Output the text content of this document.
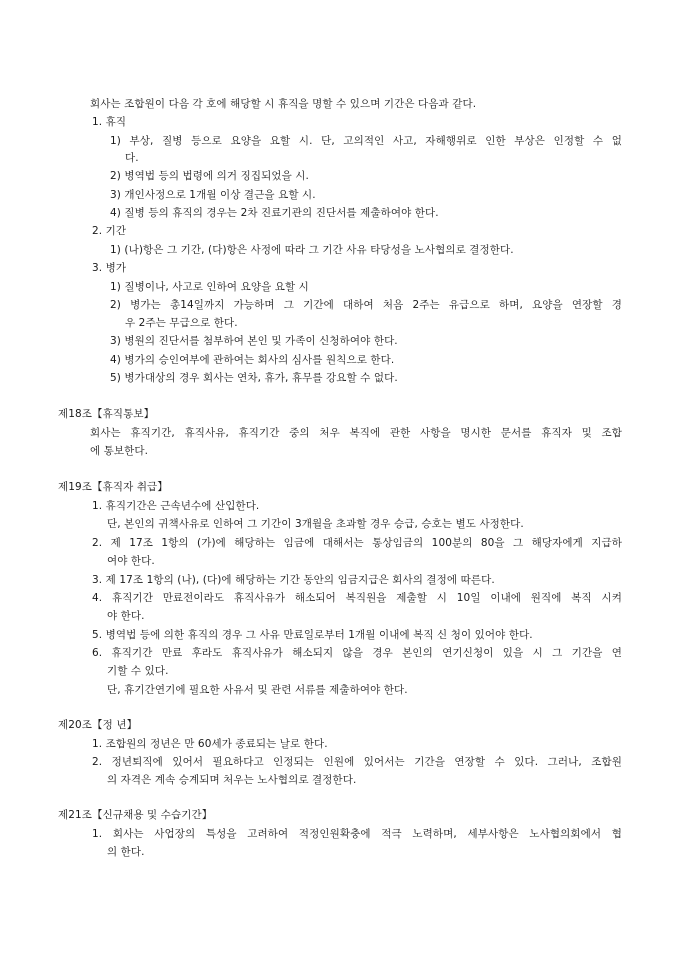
회사는 조합원이 다음 각 호에 해당할 시 휴직을 명할 수 있으며 기간은 다음과 같다.
1. 휴직
1) 부상, 질병 등으로 요양을 요할 시. 단, 고의적인 사고, 자해행위로 인한 부상은 인정할 수 없
다.
2) 병역법 등의 법령에 의거 징집되었을 시.
3) 개인사정으로 1개월 이상 결근을 요할 시.
4) 질병 등의 휴직의 경우는 2차 진료기관의 진단서를 제출하여야 한다.
2. 기간
1) (나)항은 그 기간, (다)항은 사정에 따라 그 기간 사유 타당성을 노사협의로 결정한다.
3. 병가
1) 질병이나, 사고로 인하여 요양을 요할 시
2) 병가는 총14일까지 가능하며 그 기간에 대하여 처음 2주는 유급으로 하며, 요양을 연장할 경
우 2주는 무급으로 한다.
3) 병원의 진단서를 첨부하여 본인 및 가족이 신청하여야 한다.
4) 병가의 승인여부에 관하여는 회사의 심사를 원칙으로 한다.
5) 병가대상의 경우 회사는 연차, 휴가, 휴무를 강요할 수 없다.
제18조【휴직통보】
회사는 휴직기간, 휴직사유, 휴직기간 중의 처우 복직에 관한 사항을 명시한 문서를 휴직자 및 조합
에 통보한다.
제19조【휴직자 취급】
1. 휴직기간은 근속년수에 산입한다.
단, 본인의 귀책사유로 인하여 그 기간이 3개월을 초과할 경우 승급, 승호는 별도 사정한다.
2. 제 17조 1항의 (가)에 해당하는 임금에 대해서는 통상임금의 100분의 80을 그 해당자에게 지급하
여야 한다.
3. 제 17조 1항의 (나), (다)에 해당하는 기간 동안의 임금지급은 회사의 결정에 따른다.
4. 휴직기간 만료전이라도 휴직사유가 해소되어 복직원을 제출할 시 10일 이내에 원직에 복직 시켜
야 한다.
5. 병역법 등에 의한 휴직의 경우 그 사유 만료일로부터 1개월 이내에 복직 신 청이 있어야 한다.
6. 휴직기간 만료 후라도 휴직사유가 해소되지 않을 경우 본인의 연기신청이 있을 시 그 기간을 연
기할 수 있다.
단, 휴기간연기에 필요한 사유서 및 관련 서류를 제출하여야 한다.
제20조【정 년】
1. 조합원의 정년은 만 60세가 종료되는 날로 한다.
2. 정년퇴직에 있어서 필요하다고 인정되는 인원에 있어서는 기간을 연장할 수 있다. 그러나, 조합원
의 자격은 계속 승계되며 처우는 노사협의로 결정한다.
제21조【신규채용 및 수습기간】
1. 회사는 사업장의 특성을 고려하여 적정인원확충에 적극 노력하며, 세부사항은 노사협의회에서 협
의 한다.
